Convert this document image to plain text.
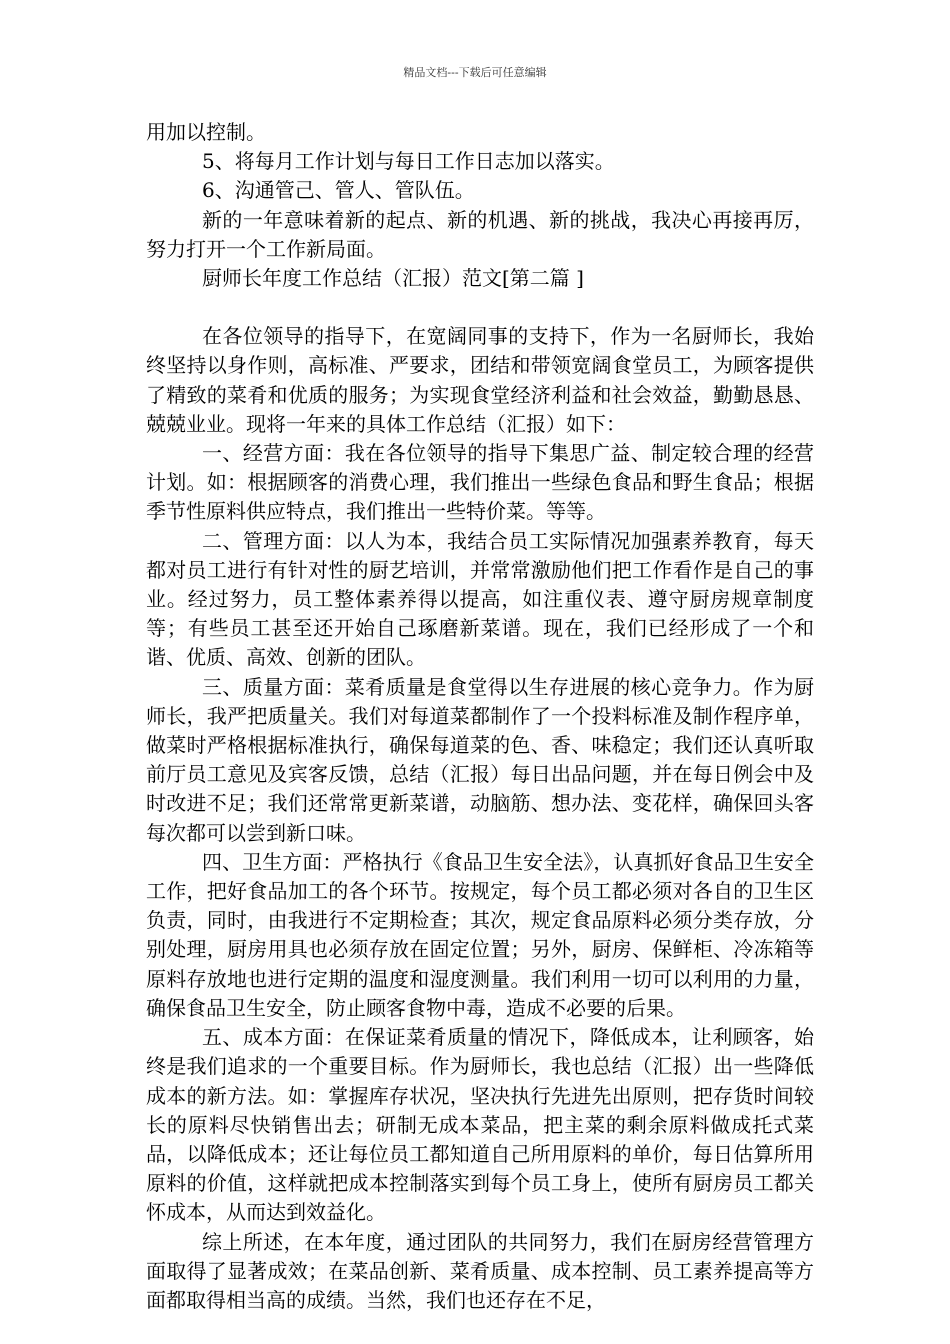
精品文档---下载后可任意编辑

用加以控制。

5、将每月工作计划与每日工作日志加以落实。

6、沟通管己、管人、管队伍。

新的一年意味着新的起点、新的机遇、新的挑战，我决心再接再厉，努力打开一个工作新局面。

厨师长年度工作总结（汇报）范文[第二篇 ]

在各位领导的指导下，在宽阔同事的支持下，作为一名厨师长，我始终坚持以身作则，高标准、严要求，团结和带领宽阔食堂员工，为顾客提供了精致的菜肴和优质的服务；为实现食堂经济利益和社会效益，勤勤恳恳、兢兢业业。现将一年来的具体工作总结（汇报）如下：

一、经营方面：我在各位领导的指导下集思广益、制定较合理的经营计划。如：根据顾客的消费心理，我们推出一些绿色食品和野生食品；根据季节性原料供应特点，我们推出一些特价菜。等等。

二、管理方面：以人为本，我结合员工实际情况加强素养教育，每天都对员工进行有针对性的厨艺培训，并常常激励他们把工作看作是自己的事业。经过努力，员工整体素养得以提高，如注重仪表、遵守厨房规章制度等；有些员工甚至还开始自己琢磨新菜谱。现在，我们已经形成了一个和谐、优质、高效、创新的团队。

三、质量方面：菜肴质量是食堂得以生存进展的核心竞争力。作为厨师长，我严把质量关。我们对每道菜都制作了一个投料标准及制作程序单，做菜时严格根据标准执行，确保每道菜的色、香、味稳定；我们还认真听取前厅员工意见及宾客反馈，总结（汇报）每日出品问题，并在每日例会中及时改进不足；我们还常常更新菜谱，动脑筋、想办法、变花样，确保回头客每次都可以尝到新口味。

四、卫生方面：严格执行《食品卫生安全法》，认真抓好食品卫生安全工作，把好食品加工的各个环节。按规定，每个员工都必须对各自的卫生区负责，同时，由我进行不定期检查；其次，规定食品原料必须分类存放，分别处理，厨房用具也必须存放在固定位置；另外，厨房、保鲜柜、冷冻箱等原料存放地也进行定期的温度和湿度测量。我们利用一切可以利用的力量，确保食品卫生安全，防止顾客食物中毒，造成不必要的后果。

五、成本方面：在保证菜肴质量的情况下，降低成本，让利顾客，始终是我们追求的一个重要目标。作为厨师长，我也总结（汇报）出一些降低成本的新方法。如：掌握库存状况，坚决执行先进先出原则，把存货时间较长的原料尽快销售出去；研制无成本菜品，把主菜的剩余原料做成托式菜品，以降低成本；还让每位员工都知道自己所用原料的单价，每日估算所用原料的价值，这样就把成本控制落实到每个员工身上，使所有厨房员工都关怀成本，从而达到效益化。

综上所述，在本年度，通过团队的共同努力，我们在厨房经营管理方面取得了显著成效；在菜品创新、菜肴质量、成本控制、员工素养提高等方面都取得相当高的成绩。当然，我们也还存在不足，
